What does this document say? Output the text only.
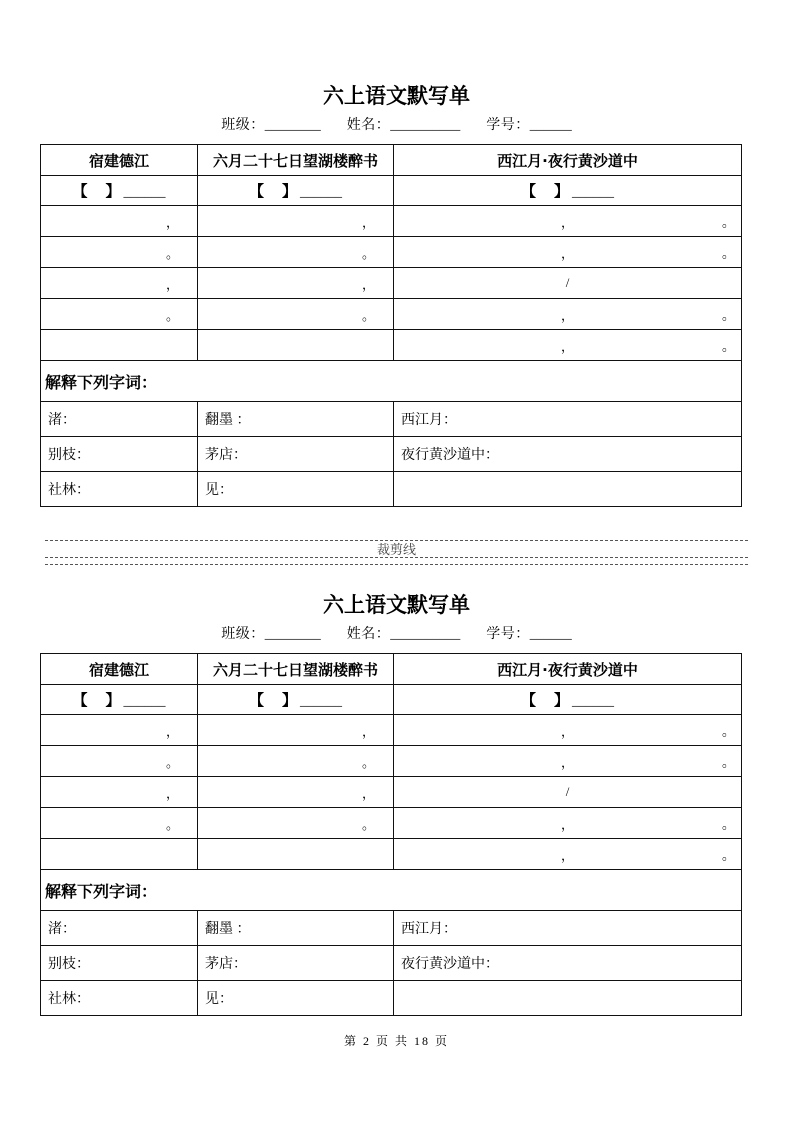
六上语文默写单
班级：________ 姓名：__________ 学号：______
宿建德江	六月二十七日望湖楼醉书	西江月·夜行黄沙道中
【 】 ______	【 】 ______	【 】 ______
，	，	， 。

。	。	， 。

，	，	/

。	。	， 。

		， 。

解释下列字词：		
渚：	翻墨 ：	西江月：
别枝：	茅店：	夜行黄沙道中：
社林：	见：	
裁剪线
六上语文默写单
班级：________ 姓名：__________ 学号：______
宿建德江	六月二十七日望湖楼醉书	西江月·夜行黄沙道中
【 】 ______	【 】 ______	【 】 ______
，	，	， 。

。	。	， 。

，	，	/

。	。	， 。

		， 。

解释下列字词：		
渚：	翻墨 ：	西江月：
别枝：	茅店：	夜行黄沙道中：
社林：	见：	
第 2 页 共 18 页
